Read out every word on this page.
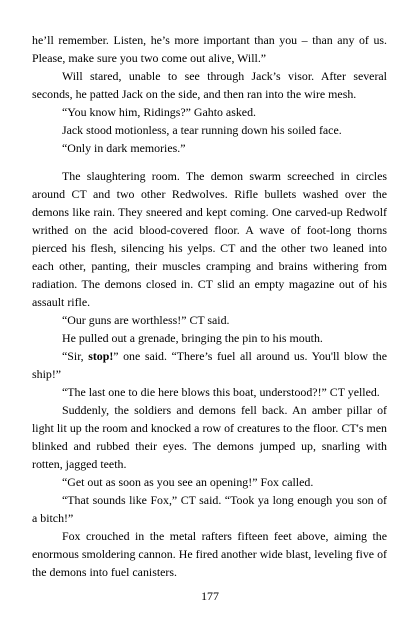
he’ll remember. Listen, he’s more important than you – than any of us. Please, make sure you two come out alive, Will.”

Will stared, unable to see through Jack’s visor. After several seconds, he patted Jack on the side, and then ran into the wire mesh.

“You know him, Ridings?” Gahto asked.

Jack stood motionless, a tear running down his soiled face.

“Only in dark memories.”

The slaughtering room. The demon swarm screeched in circles around CT and two other Redwolves. Rifle bullets washed over the demons like rain. They sneered and kept coming. One carved-up Redwolf writhed on the acid blood-covered floor. A wave of foot-long thorns pierced his flesh, silencing his yelps. CT and the other two leaned into each other, panting, their muscles cramping and brains withering from radiation. The demons closed in. CT slid an empty magazine out of his assault rifle.

“Our guns are worthless!” CT said.

He pulled out a grenade, bringing the pin to his mouth.

“Sir, stop!” one said. “There’s fuel all around us. You'll blow the ship!”

“The last one to die here blows this boat, understood?!” CT yelled.

Suddenly, the soldiers and demons fell back. An amber pillar of light lit up the room and knocked a row of creatures to the floor. CT's men blinked and rubbed their eyes. The demons jumped up, snarling with rotten, jagged teeth.

“Get out as soon as you see an opening!” Fox called.

“That sounds like Fox,” CT said. “Took ya long enough you son of a bitch!”

Fox crouched in the metal rafters fifteen feet above, aiming the enormous smoldering cannon. He fired another wide blast, leveling five of the demons into fuel canisters.

177
